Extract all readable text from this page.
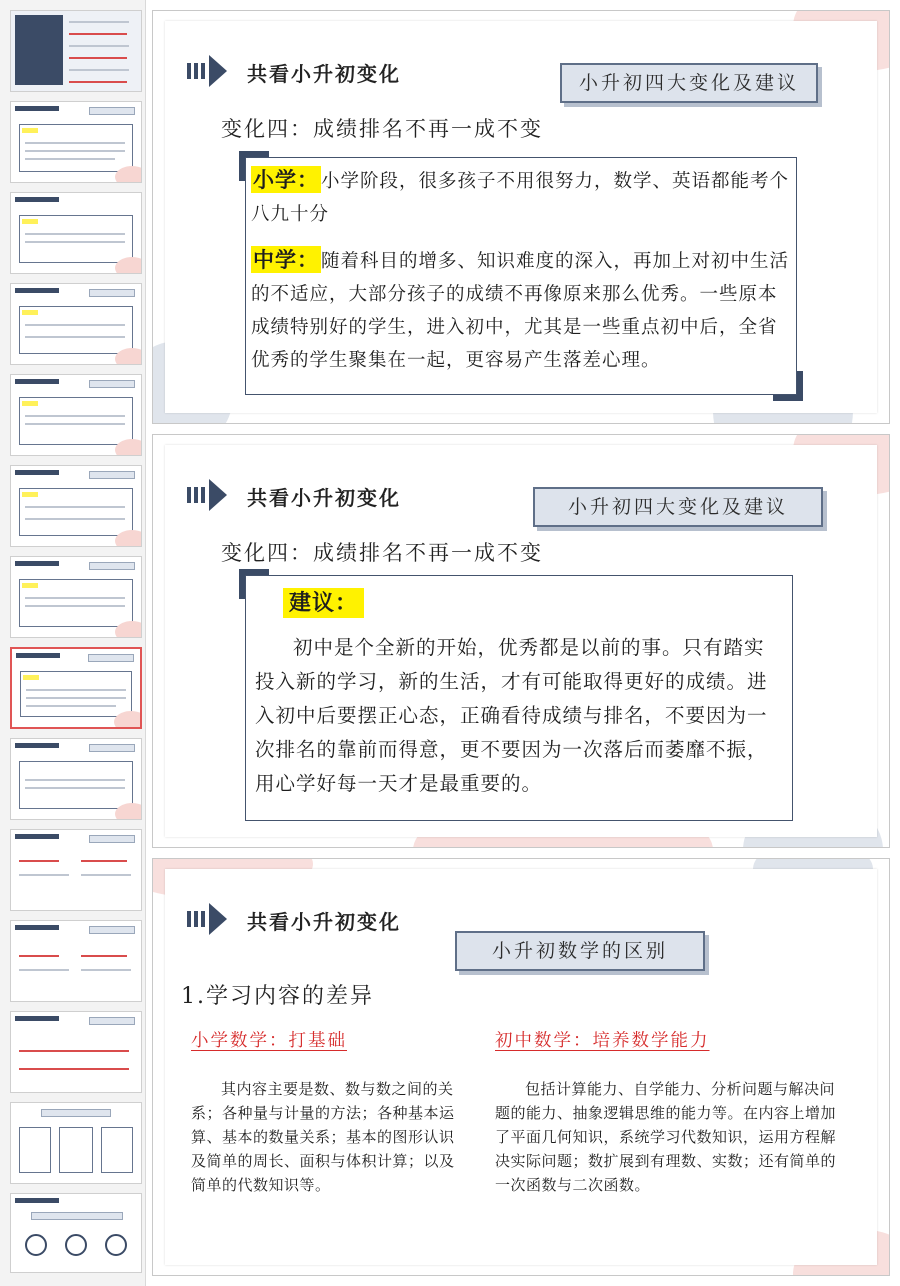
共看小升初变化	小升初四大变化及建议
变化四：成绩排名不再一成不变
小学： 小学阶段，很多孩子不用很努力，数学、英语都能考个八九十分
中学： 随着科目的增多、知识难度的深入，再加上对初中生活的不适应，大部分孩子的成绩不再像原来那么优秀。一些原本成绩特别好的学生，进入初中，尤其是一些重点初中后，全省优秀的学生聚集在一起，更容易产生落差心理。
共看小升初变化	小升初四大变化及建议
变化四：成绩排名不再一成不变
建议：
初中是个全新的开始，优秀都是以前的事。只有踏实投入新的学习，新的生活，才有可能取得更好的成绩。进入初中后要摆正心态，正确看待成绩与排名，不要因为一次排名的靠前而得意，更不要因为一次落后而萎靡不振，用心学好每一天才是最重要的。
共看小升初变化
小升初数学的区别
1.学习内容的差异
小学数学：打基础	初中数学：培养数学能力
其内容主要是数、数与数之间的关系；各种量与计量的方法；各种基本运算、基本的数量关系；基本的图形认识及简单的周长、面积与体积计算；以及简单的代数知识等。
包括计算能力、自学能力、分析问题与解决问题的能力、抽象逻辑思维的能力等。在内容上增加了平面几何知识，系统学习代数知识，运用方程解决实际问题；数扩展到有理数、实数；还有简单的一次函数与二次函数。
